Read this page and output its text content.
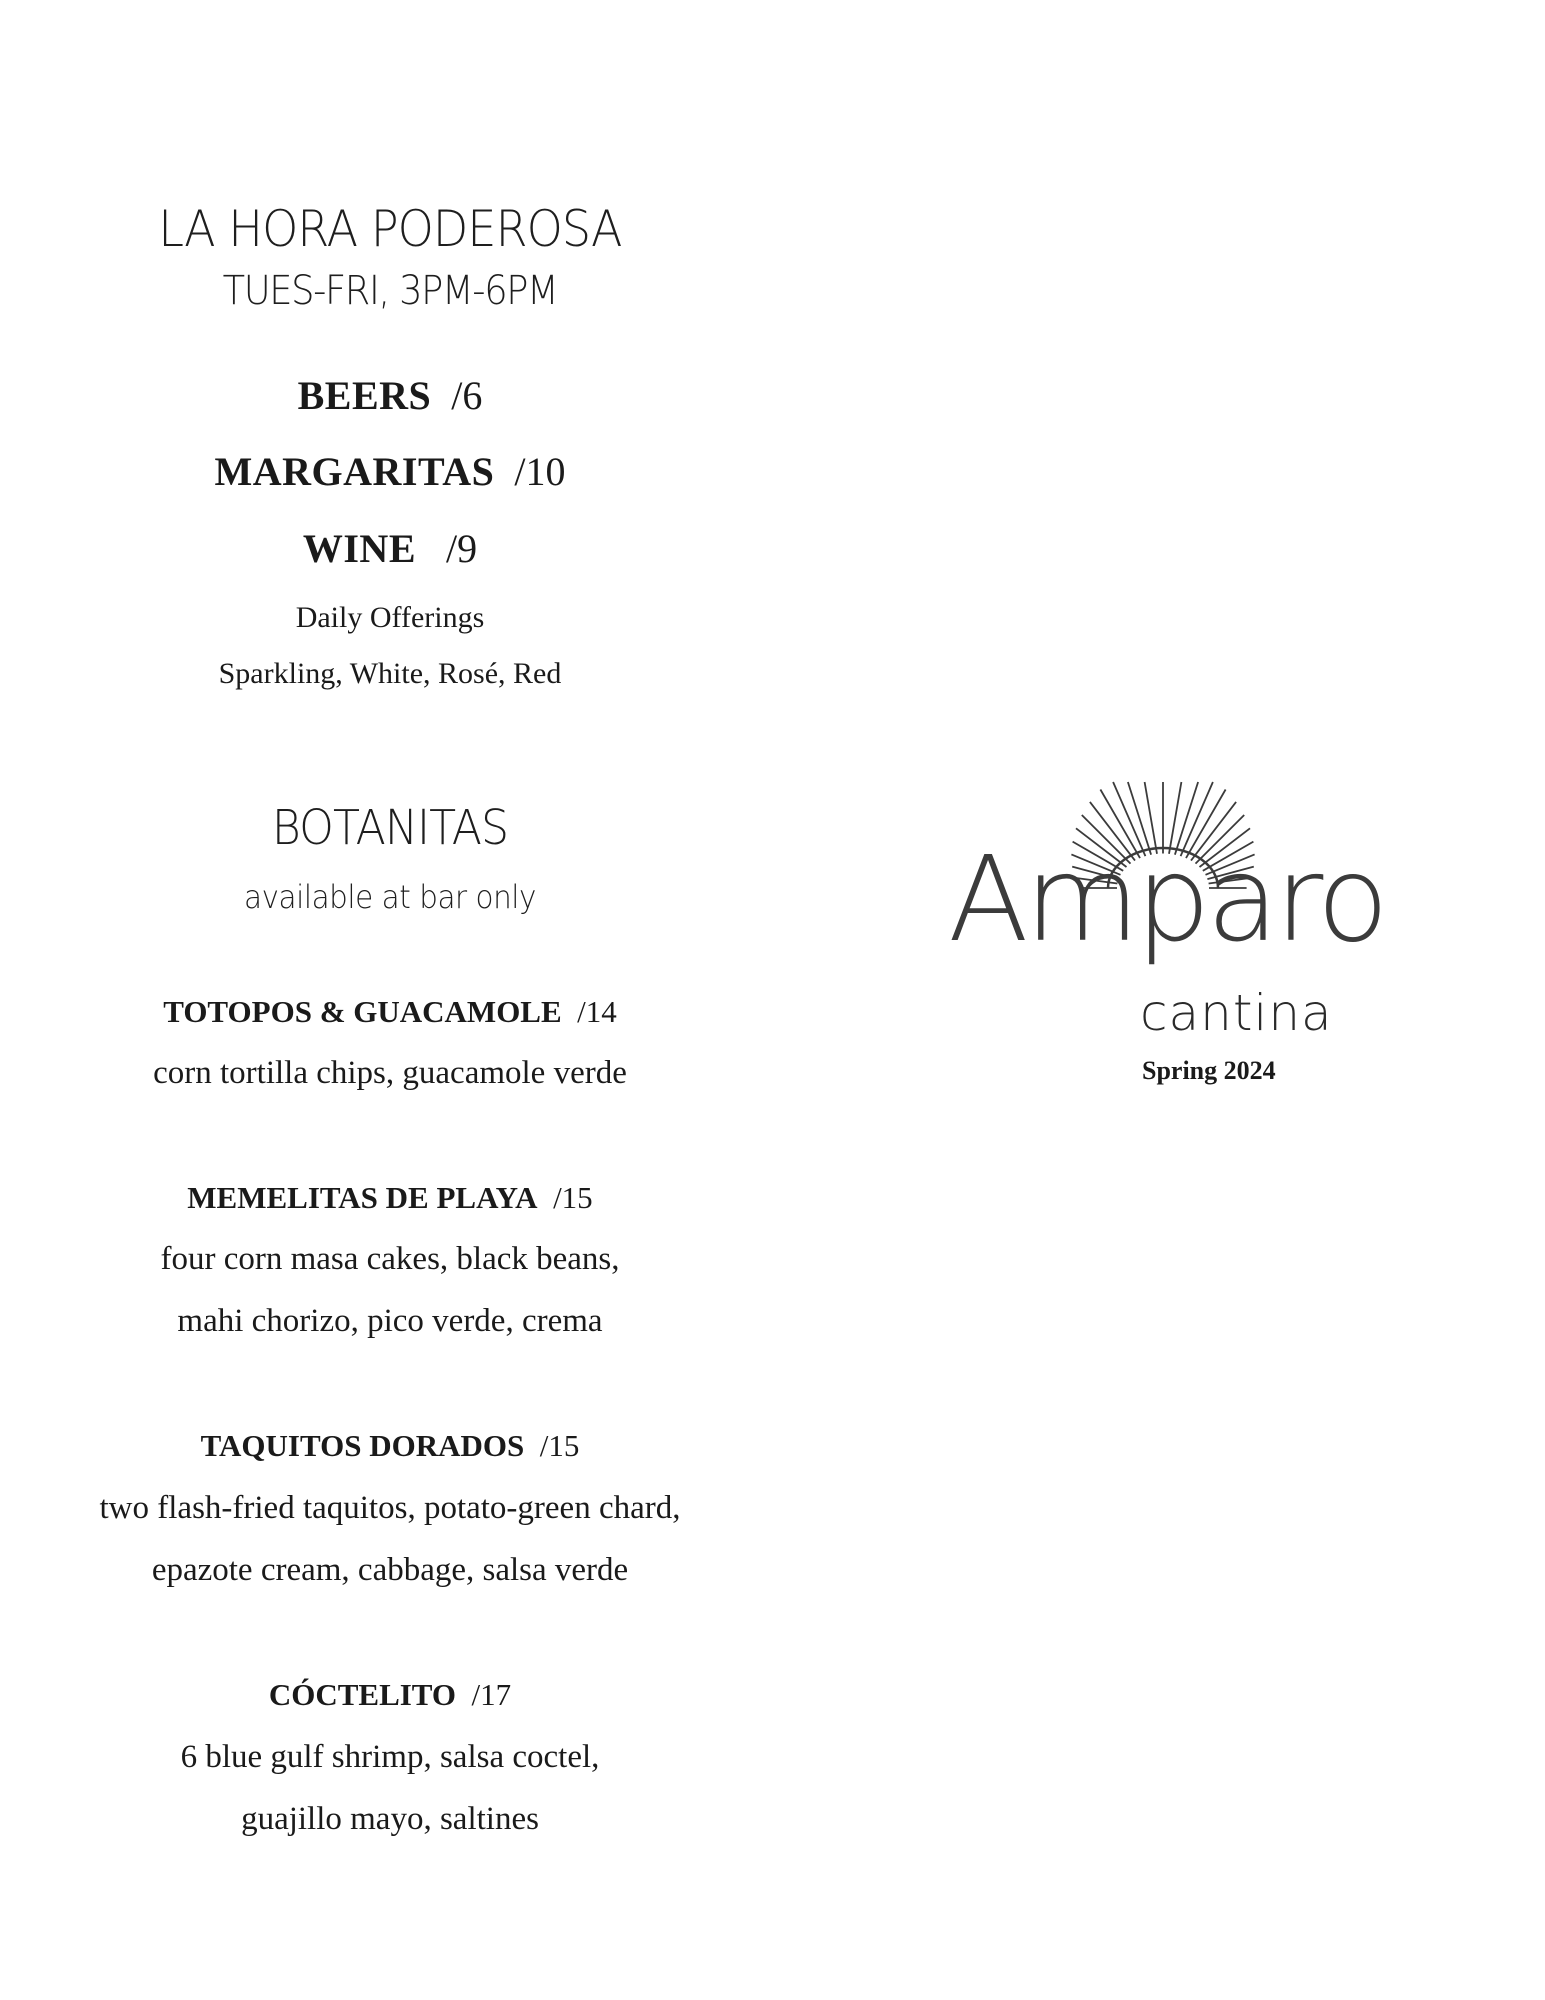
LA HORA PODEROSA
TUES-FRI, 3PM-6PM
BEERS /6
MARGARITAS /10
WINE /9
Daily Offerings
Sparkling, White, Rosé, Red
BOTANITAS
available at bar only
TOTOPOS & GUACAMOLE /14
corn tortilla chips, guacamole verde
MEMELITAS DE PLAYA /15
four corn masa cakes, black beans,
mahi chorizo, pico verde, crema
TAQUITOS DORADOS /15
two flash-fried taquitos, potato-green chard,
epazote cream, cabbage, salsa verde
CÓCTELITO /17
6 blue gulf shrimp, salsa coctel,
guajillo mayo, saltines
Amparo
cantina
Spring 2024
